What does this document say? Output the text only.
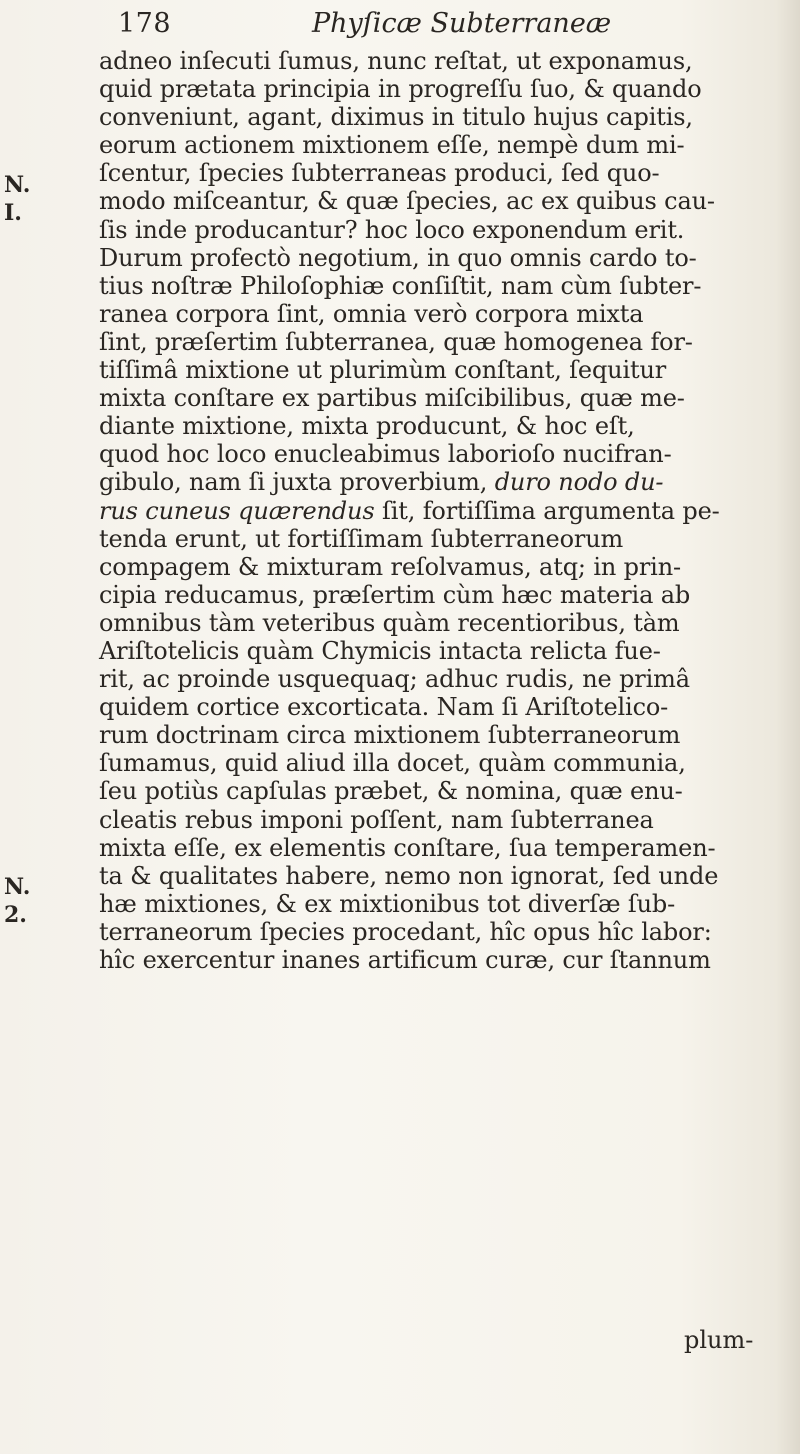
178	Phyſicæ Subterraneæ
N.
I.
N.
2.
adneo inſecuti ſumus, nunc reſtat, ut exponamus,
quid prætata principia in progreſſu ſuo, & quando
conveniunt, agant, diximus in titulo hujus capitis,
eorum actionem mixtionem eſſe, nempè dum mi-
ſcentur, ſpecies ſubterraneas produci, ſed quo-
modo miſceantur, & quæ ſpecies, ac ex quibus cau-
ſis inde producantur? hoc loco exponendum erit.
Durum profectò negotium, in quo omnis cardo to-
tius noſtræ Philoſophiæ conſiſtit, nam cùm ſubter-
ranea corpora ſint, omnia verò corpora mixta
ſint, præſertim ſubterranea, quæ homogenea for-
tiſſimâ mixtione ut plurimùm conſtant, ſequitur
mixta conſtare ex partibus miſcibilibus, quæ me-
diante mixtione, mixta producunt, & hoc eſt,
quod hoc loco enucleabimus laborioſo nucifran-
gibulo, nam ſi juxta proverbium, duro nodo du-
rus cuneus quærendus ſit, fortiſſima argumenta pe-
tenda erunt, ut fortiſſimam ſubterraneorum
compagem & mixturam reſolvamus, atq; in prin-
cipia reducamus, præſertim cùm hæc materia ab
omnibus tàm veteribus quàm recentioribus, tàm
Ariſtotelicis quàm Chymicis intacta relicta fue-
rit, ac proinde usquequaq; adhuc rudis, ne primâ
quidem cortice excorticata. Nam ſi Ariſtotelico-
rum doctrinam circa mixtionem ſubterraneorum
ſumamus, quid aliud illa docet, quàm communia,
ſeu potiùs capſulas præbet, & nomina, quæ enu-
cleatis rebus imponi poſſent, nam ſubterranea
mixta eſſe, ex elementis conſtare, ſua temperamen-
ta & qualitates habere, nemo non ignorat, ſed unde
hæ mixtiones, & ex mixtionibus tot diverſæ ſub-
terraneorum ſpecies procedant, hîc opus hîc labor:
hîc exercentur inanes artificum curæ, cur ſtannum
plum-
